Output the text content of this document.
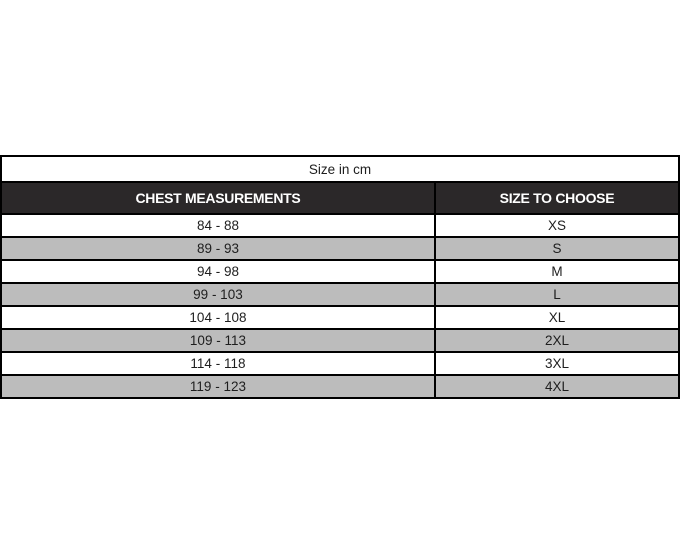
Size in cm	
CHEST MEASUREMENTS	SIZE TO CHOOSE
84 - 88	XS
89 - 93	S
94 - 98	M
99 - 103	L
104 - 108	XL
109 - 113	2XL
114 - 118	3XL
119 - 123	4XL
